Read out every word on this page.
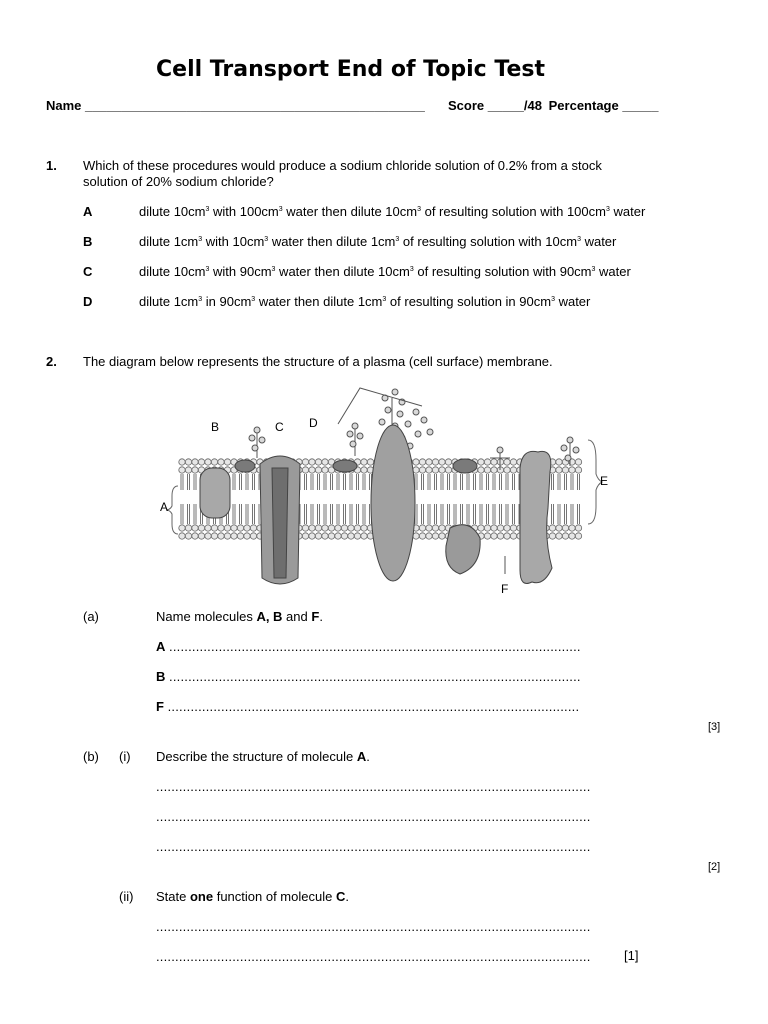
Cell Transport End of Topic Test
Name _______________________________________________ Score _____/48 Percentage _____
1. Which of these procedures would produce a sodium chloride solution of 0.2% from a stock
solution of 20% sodium chloride?
A	dilute $10cm^3$ with $100cm^3$ water then dilute $10cm^3$ of resulting solution with $100cm^3$ water
B	dilute $1cm^3$ with $10cm^3$ water then dilute $1cm^3$ of resulting solution with $10cm^3$ water
C	dilute $10cm^3$ with $90cm^3$ water then dilute $10cm^3$ of resulting solution with $90cm^3$ water
D	dilute $1cm^3$ in $90cm^3$ water then dilute $1cm^3$ of resulting solution in $90cm^3$ water
2. The diagram below represents the structure of a plasma (cell surface) membrane.
B	C D
A
E
F
(a)	Name molecules A, B and F.
A ............................................................................................................
B ............................................................................................................
F ............................................................................................................
[3]
(b) (i) Describe the structure of molecule A.
..................................................................................................................
..................................................................................................................
..................................................................................................................
[2]
(ii) State one function of molecule C.
..................................................................................................................
..................................................................................................................	[1]
